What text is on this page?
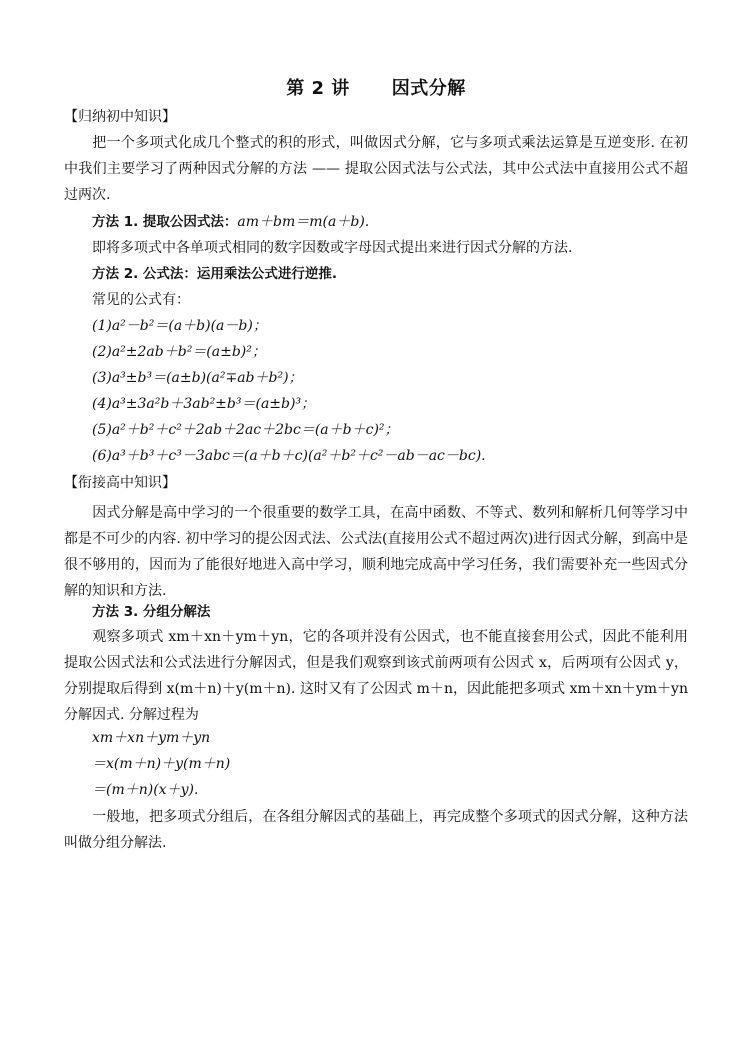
第 2 讲 因式分解
【归纳初中知识】
把一个多项式化成几个整式的积的形式，叫做因式分解，它与多项式乘法运算是互逆变形. 在初中我们主要学习了两种因式分解的方法 —— 提取公因式法与公式法，其中公式法中直接用公式不超过两次.
方法 1. 提取公因式法：am＋bm＝m(a＋b).
即将多项式中各单项式相同的数字因数或字母因式提出来进行因式分解的方法.
方法 2. 公式法：运用乘法公式进行逆推.
常见的公式有：
(1)a²－b²＝(a＋b)(a－b)；
(2)a²±2ab＋b²＝(a±b)²；
(3)a³±b³＝(a±b)(a²∓ab＋b²)；
(4)a³±3a²b＋3ab²±b³＝(a±b)³；
(5)a²＋b²＋c²＋2ab＋2ac＋2bc＝(a＋b＋c)²；
(6)a³＋b³＋c³－3abc＝(a＋b＋c)(a²＋b²＋c²－ab－ac－bc).
【衔接高中知识】
因式分解是高中学习的一个很重要的数学工具，在高中函数、不等式、数列和解析几何等学习中都是不可少的内容. 初中学习的提公因式法、公式法(直接用公式不超过两次)进行因式分解，到高中是很不够用的，因而为了能很好地进入高中学习，顺利地完成高中学习任务，我们需要补充一些因式分解的知识和方法.
方法 3. 分组分解法
观察多项式 xm＋xn＋ym＋yn，它的各项并没有公因式，也不能直接套用公式，因此不能利用提取公因式法和公式法进行分解因式，但是我们观察到该式前两项有公因式 x，后两项有公因式 y，分别提取后得到 x(m＋n)＋y(m＋n). 这时又有了公因式 m＋n，因此能把多项式 xm＋xn＋ym＋yn 分解因式. 分解过程为
xm＋xn＋ym＋yn
＝x(m＋n)＋y(m＋n)
＝(m＋n)(x＋y).
一般地，把多项式分组后，在各组分解因式的基础上，再完成整个多项式的因式分解，这种方法叫做分组分解法.
